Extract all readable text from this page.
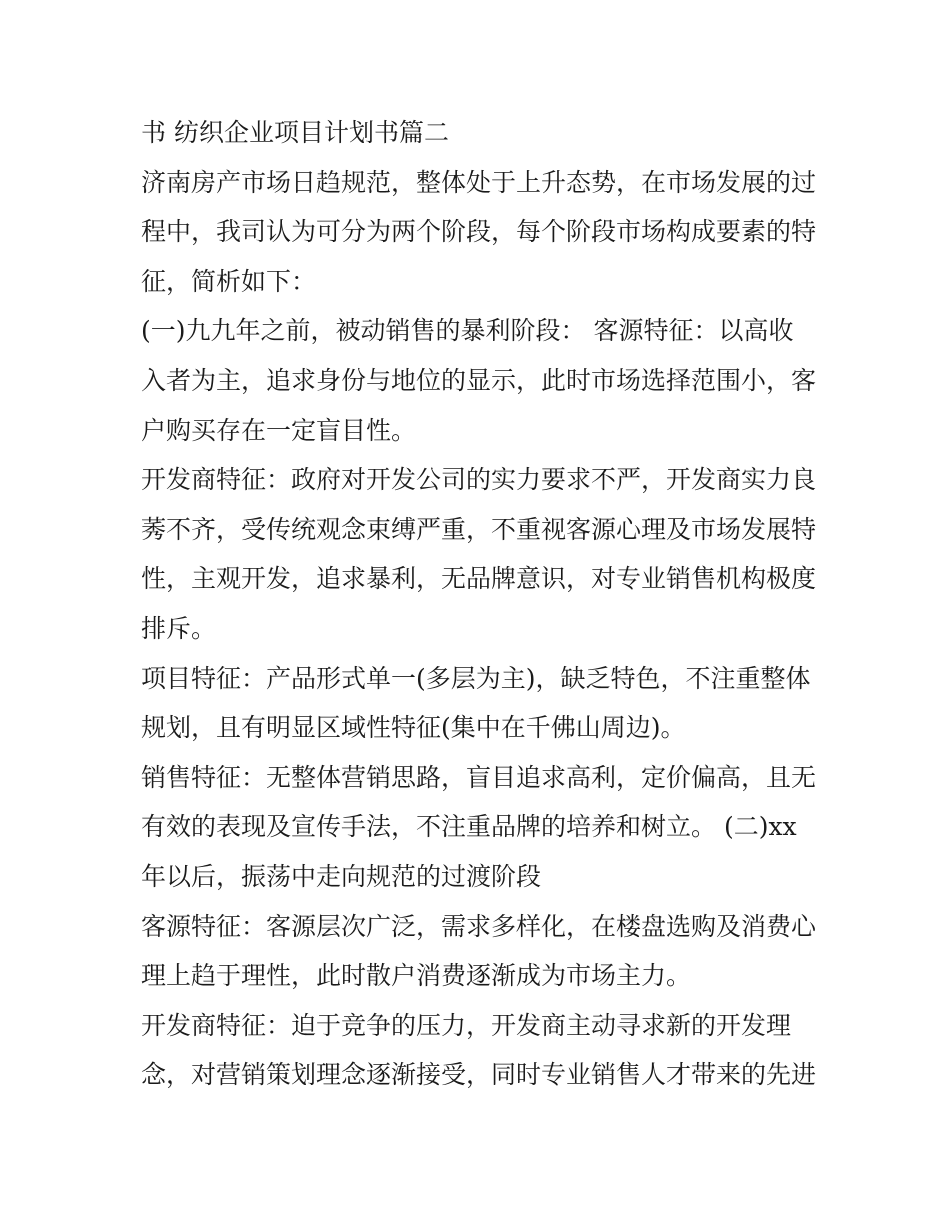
书 纺织企业项目计划书篇二
济南房产市场日趋规范，整体处于上升态势，在市场发展的过
程中，我司认为可分为两个阶段，每个阶段市场构成要素的特
征，简析如下：
(一)九九年之前，被动销售的暴利阶段： 客源特征：以高收
入者为主，追求身份与地位的显示，此时市场选择范围小，客
户购买存在一定盲目性。
开发商特征：政府对开发公司的实力要求不严，开发商实力良
莠不齐，受传统观念束缚严重，不重视客源心理及市场发展特
性，主观开发，追求暴利，无品牌意识，对专业销售机构极度
排斥。
项目特征：产品形式单一(多层为主)，缺乏特色，不注重整体
规划，且有明显区域性特征(集中在千佛山周边)。
销售特征：无整体营销思路，盲目追求高利，定价偏高，且无
有效的表现及宣传手法，不注重品牌的培养和树立。 (二)xx
年以后，振荡中走向规范的过渡阶段
客源特征：客源层次广泛，需求多样化，在楼盘选购及消费心
理上趋于理性，此时散户消费逐渐成为市场主力。
开发商特征：迫于竞争的压力，开发商主动寻求新的开发理
念，对营销策划理念逐渐接受，同时专业销售人才带来的先进
